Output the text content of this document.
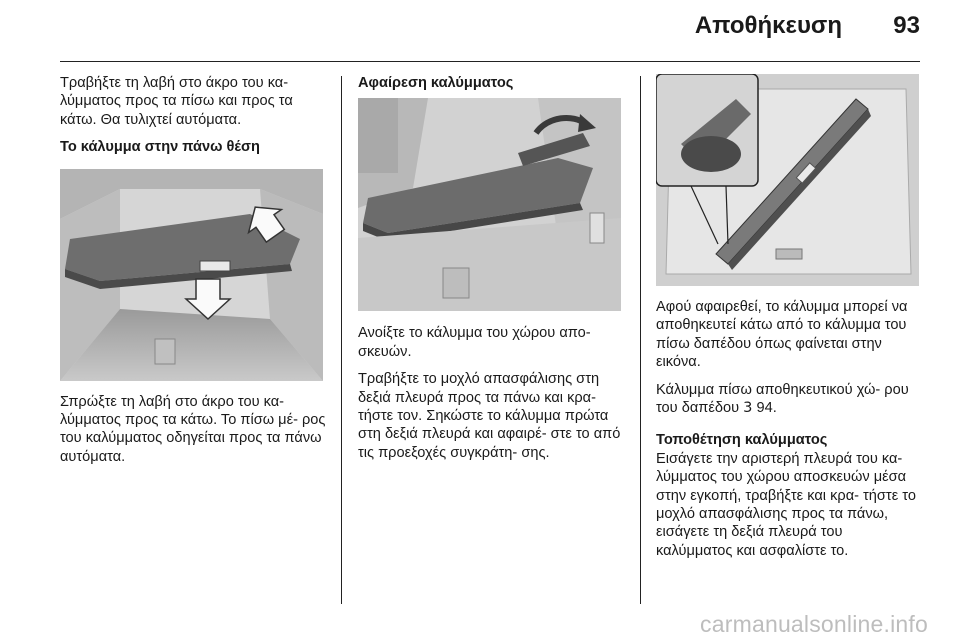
Αποθήκευση 93

Τραβήξτε τη λαβή στο άκρο του κα- λύμματος προς τα πίσω και προς τα κάτω. Θα τυλιχτεί αυτόματα.

Το κάλυμμα στην πάνω θέση

Σπρώξτε τη λαβή στο άκρο του κα- λύμματος προς τα κάτω. Το πίσω μέ- ρος του καλύμματος οδηγείται προς τα πάνω αυτόματα.

Αφαίρεση καλύμματος

Ανοίξτε το κάλυμμα του χώρου απο- σκευών.

Τραβήξτε το μοχλό απασφάλισης στη δεξιά πλευρά προς τα πάνω και κρα- τήστε τον. Σηκώστε το κάλυμμα πρώτα στη δεξιά πλευρά και αφαιρέ- στε το από τις προεξοχές συγκράτη- σης.

Αφού αφαιρεθεί, το κάλυμμα μπορεί να αποθηκευτεί κάτω από το κάλυμμα του πίσω δαπέδου όπως φαίνεται στην εικόνα.

Κάλυμμα πίσω αποθηκευτικού χώ- ρου του δαπέδου 3 94.

Τοποθέτηση καλύμματος

Εισάγετε την αριστερή πλευρά του κα- λύμματος του χώρου αποσκευών μέσα στην εγκοπή, τραβήξτε και κρα- τήστε το μοχλό απασφάλισης προς τα πάνω, εισάγετε τη δεξιά πλευρά του καλύμματος και ασφαλίστε το.

carmanualsonline.info
